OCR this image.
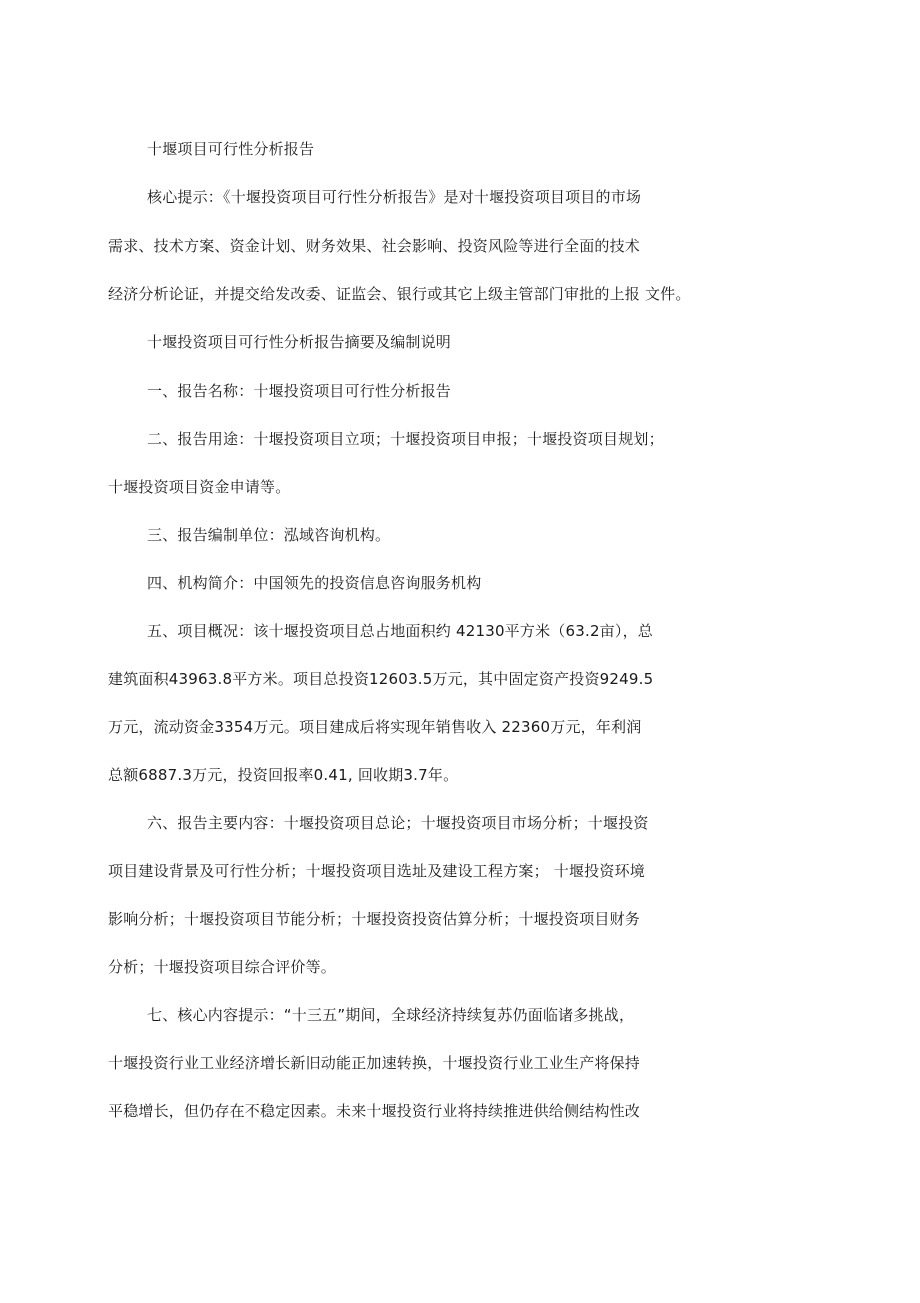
十堰项目可行性分析报告
核心提示：《十堰投资项目可行性分析报告》是对十堰投资项目项目的市场
需求、技术方案、资金计划、财务效果、社会影响、投资风险等进行全面的技术
经济分析论证，并提交给发改委、证监会、银行或其它上级主管部门审批的上报 文件。
十堰投资项目可行性分析报告摘要及编制说明
一、报告名称：十堰投资项目可行性分析报告
二、报告用途：十堰投资项目立项；十堰投资项目申报；十堰投资项目规划；
十堰投资项目资金申请等。
三、报告编制单位：泓域咨询机构。
四、机构简介：中国领先的投资信息咨询服务机构
五、项目概况：该十堰投资项目总占地面积约 42130平方米（63.2亩），总
建筑面积43963.8平方米。项目总投资12603.5万元，其中固定资产投资9249.5
万元，流动资金3354万元。项目建成后将实现年销售收入 22360万元，年利润
总额6887.3万元，投资回报率0.41, 回收期3.7年。
六、报告主要内容：十堰投资项目总论；十堰投资项目市场分析；十堰投资
项目建设背景及可行性分析；十堰投资项目选址及建设工程方案； 十堰投资环境
影响分析；十堰投资项目节能分析；十堰投资投资估算分析；十堰投资项目财务
分析；十堰投资项目综合评价等。
七、核心内容提示：“十三五”期间，全球经济持续复苏仍面临诸多挑战，
十堰投资行业工业经济增长新旧动能正加速转换，十堰投资行业工业生产将保持
平稳增长，但仍存在不稳定因素。未来十堰投资行业将持续推进供给侧结构性改
